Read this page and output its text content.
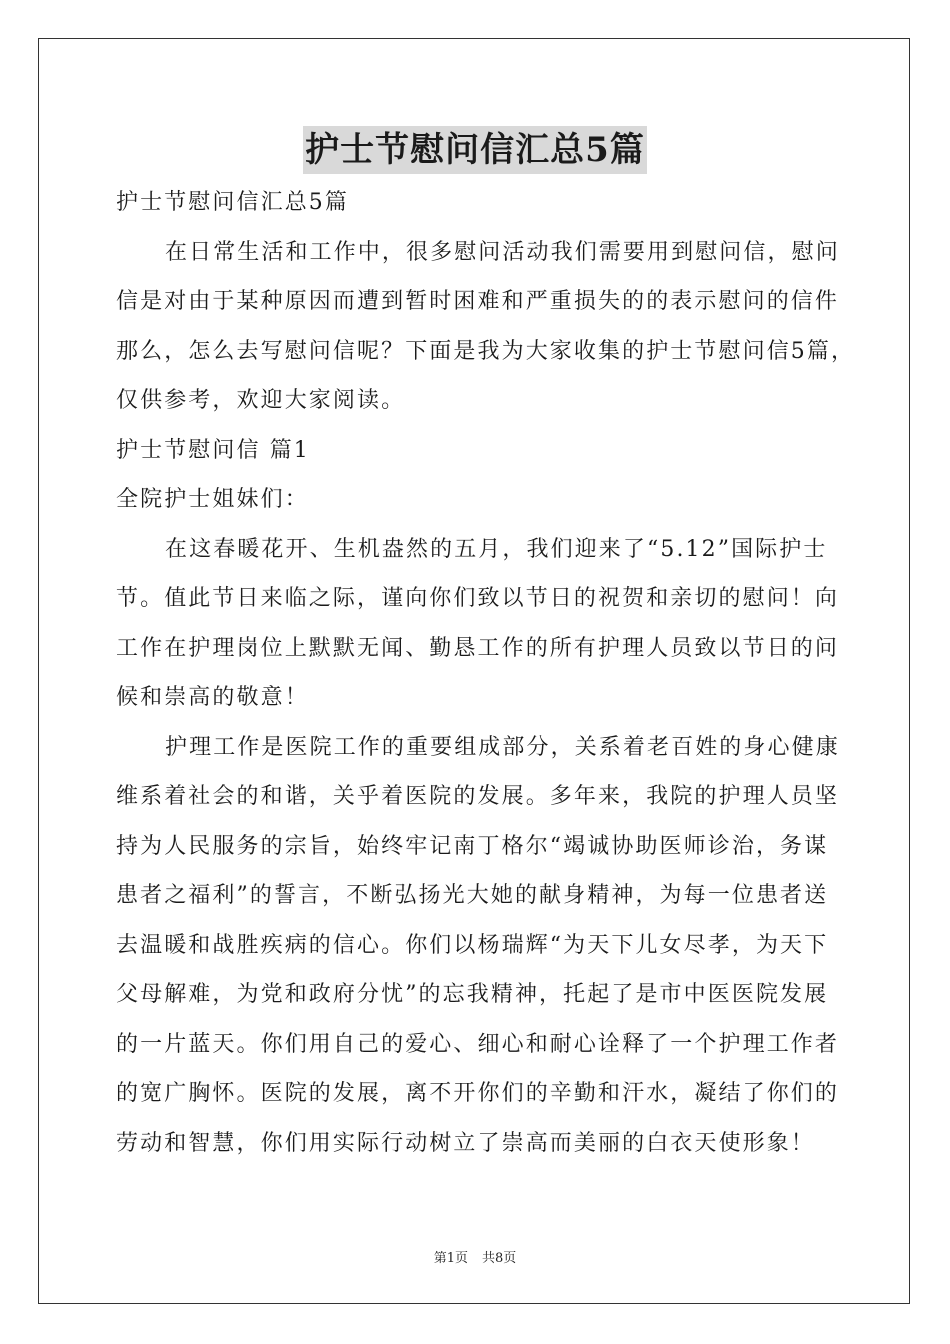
护士节慰问信汇总5篇
护士节慰问信汇总5篇
在日常生活和工作中，很多慰问活动我们需要用到慰问信，慰问
信是对由于某种原因而遭到暂时困难和严重损失的的表示慰问的信件
那么，怎么去写慰问信呢？下面是我为大家收集的护士节慰问信5篇，
仅供参考，欢迎大家阅读。
护士节慰问信 篇1
全院护士姐妹们：
在这春暖花开、生机盎然的五月，我们迎来了“5.12”国际护士
节。值此节日来临之际，谨向你们致以节日的祝贺和亲切的慰问！向
工作在护理岗位上默默无闻、勤恳工作的所有护理人员致以节日的问
候和崇高的敬意！
护理工作是医院工作的重要组成部分，关系着老百姓的身心健康
维系着社会的和谐，关乎着医院的发展。多年来，我院的护理人员坚
持为人民服务的宗旨，始终牢记南丁格尔“竭诚协助医师诊治，务谋
患者之福利”的誓言，不断弘扬光大她的献身精神，为每一位患者送
去温暖和战胜疾病的信心。你们以杨瑞辉“为天下儿女尽孝，为天下
父母解难，为党和政府分忧”的忘我精神，托起了是市中医医院发展
的一片蓝天。你们用自己的爱心、细心和耐心诠释了一个护理工作者
的宽广胸怀。医院的发展，离不开你们的辛勤和汗水，凝结了你们的
劳动和智慧，你们用实际行动树立了崇高而美丽的白衣天使形象！
第1页 共8页
